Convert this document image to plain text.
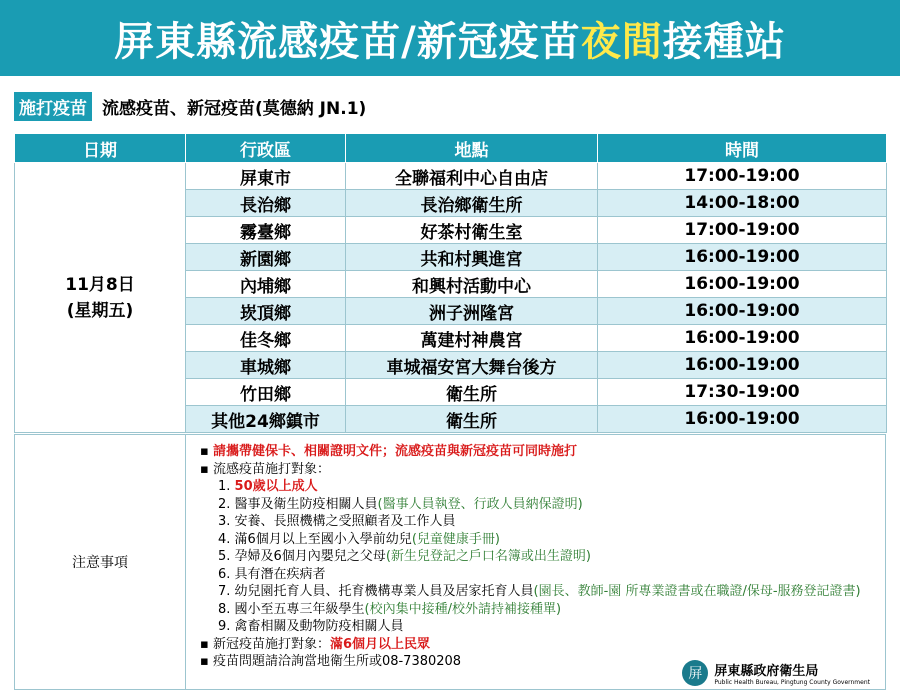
屏東縣流感疫苗/新冠疫苗 夜間 接種站
施打疫苗 流感疫苗、新冠疫苗(莫德納 JN.1)
日期	行政區	地點	時間

11月8日
(星期五)	屏東市	全聯福利中心自由店	17:00-19:00
	長治鄉	長治鄉衛生所	14:00-18:00
	霧臺鄉	好茶村衛生室	17:00-19:00
	新園鄉	共和村興進宮	16:00-19:00
	內埔鄉	和興村活動中心	16:00-19:00
	崁頂鄉	洲子洲隆宮	16:00-19:00
	佳冬鄉	萬建村神農宮	16:00-19:00
	車城鄉	車城福安宮大舞台後方	16:00-19:00
	竹田鄉	衛生所	17:30-19:00
	其他24鄉鎮市	衛生所	16:00-19:00
注意事項
▪ 請攜帶健保卡、相關證明文件；流感疫苗與新冠疫苗可同時施打
▪ 流感疫苗施打對象：
1. 50歲以上成人
2. 醫事及衛生防疫相關人員(醫事人員執登、行政人員納保證明)
3. 安養、長照機構之受照顧者及工作人員
4. 滿6個月以上至國小入學前幼兒(兒童健康手冊)
5. 孕婦及6個月內嬰兒之父母(新生兒登記之戶口名簿或出生證明)
6. 具有潛在疾病者
7. 幼兒園托育人員、托育機構專業人員及居家托育人員(園長、教師-園 所專業證書或在職證/保母-服務登記證書)
8. 國小至五專三年級學生(校內集中接種/校外請持補接種單)
9. 禽畜相關及動物防疫相關人員
▪ 新冠疫苗施打對象：滿6個月以上民眾
▪ 疫苗問題請洽詢當地衛生所或08-7380208
屏 屏東縣政府衛生局
Public Health Bureau, Pingtung County Government
